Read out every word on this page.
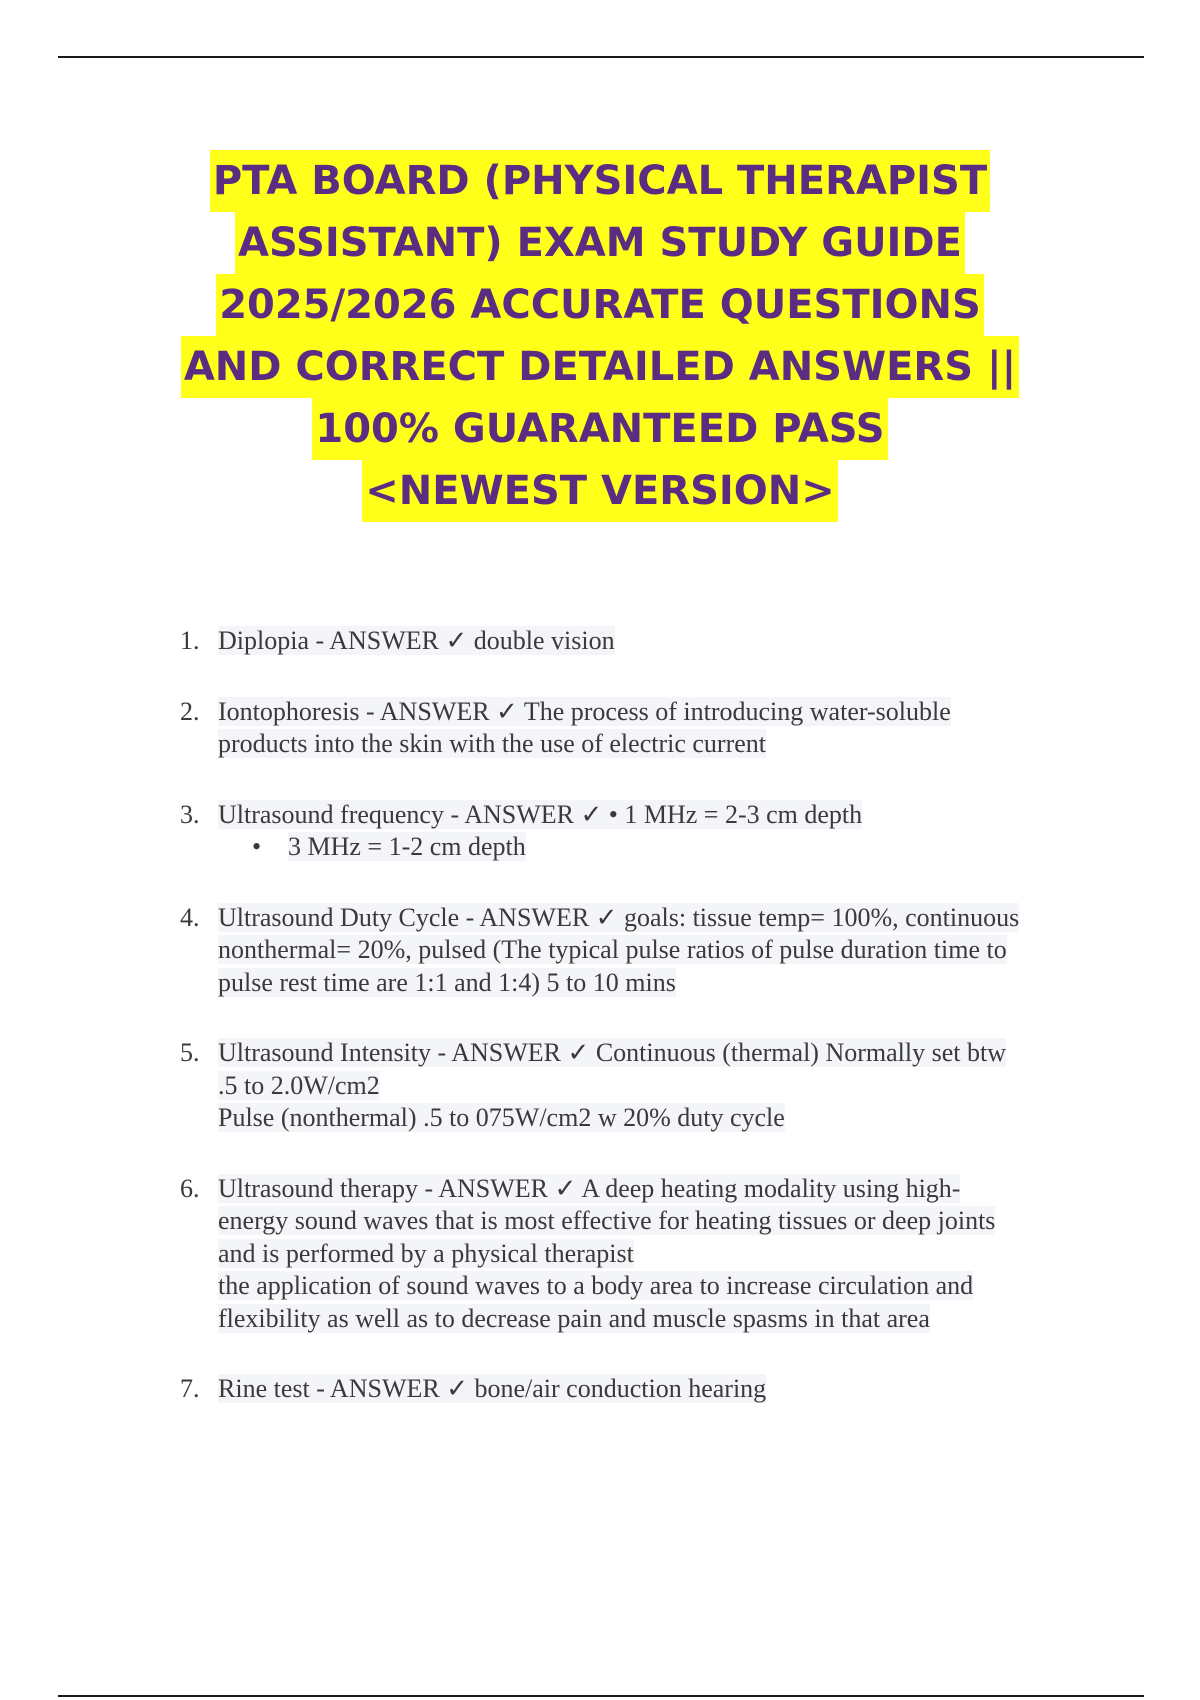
PTA BOARD (PHYSICAL THERAPIST
ASSISTANT) EXAM STUDY GUIDE
2025/2026 ACCURATE QUESTIONS
AND CORRECT DETAILED ANSWERS ||
100% GUARANTEED PASS
<NEWEST VERSION>
1. Diplopia - ANSWER ✓ double vision
2. Iontophoresis - ANSWER ✓ The process of introducing water-soluble
products into the skin with the use of electric current
3. Ultrasound frequency - ANSWER ✓ • 1 MHz = 2-3 cm depth
• 3 MHz = 1-2 cm depth
4. Ultrasound Duty Cycle - ANSWER ✓ goals: tissue temp= 100%, continuous
nonthermal= 20%, pulsed (The typical pulse ratios of pulse duration time to
pulse rest time are 1:1 and 1:4) 5 to 10 mins
5. Ultrasound Intensity - ANSWER ✓ Continuous (thermal) Normally set btw
.5 to 2.0W/cm2
Pulse (nonthermal) .5 to 075W/cm2 w 20% duty cycle
6. Ultrasound therapy - ANSWER ✓ A deep heating modality using high-
energy sound waves that is most effective for heating tissues or deep joints
and is performed by a physical therapist
the application of sound waves to a body area to increase circulation and
flexibility as well as to decrease pain and muscle spasms in that area
7. Rine test - ANSWER ✓ bone/air conduction hearing
